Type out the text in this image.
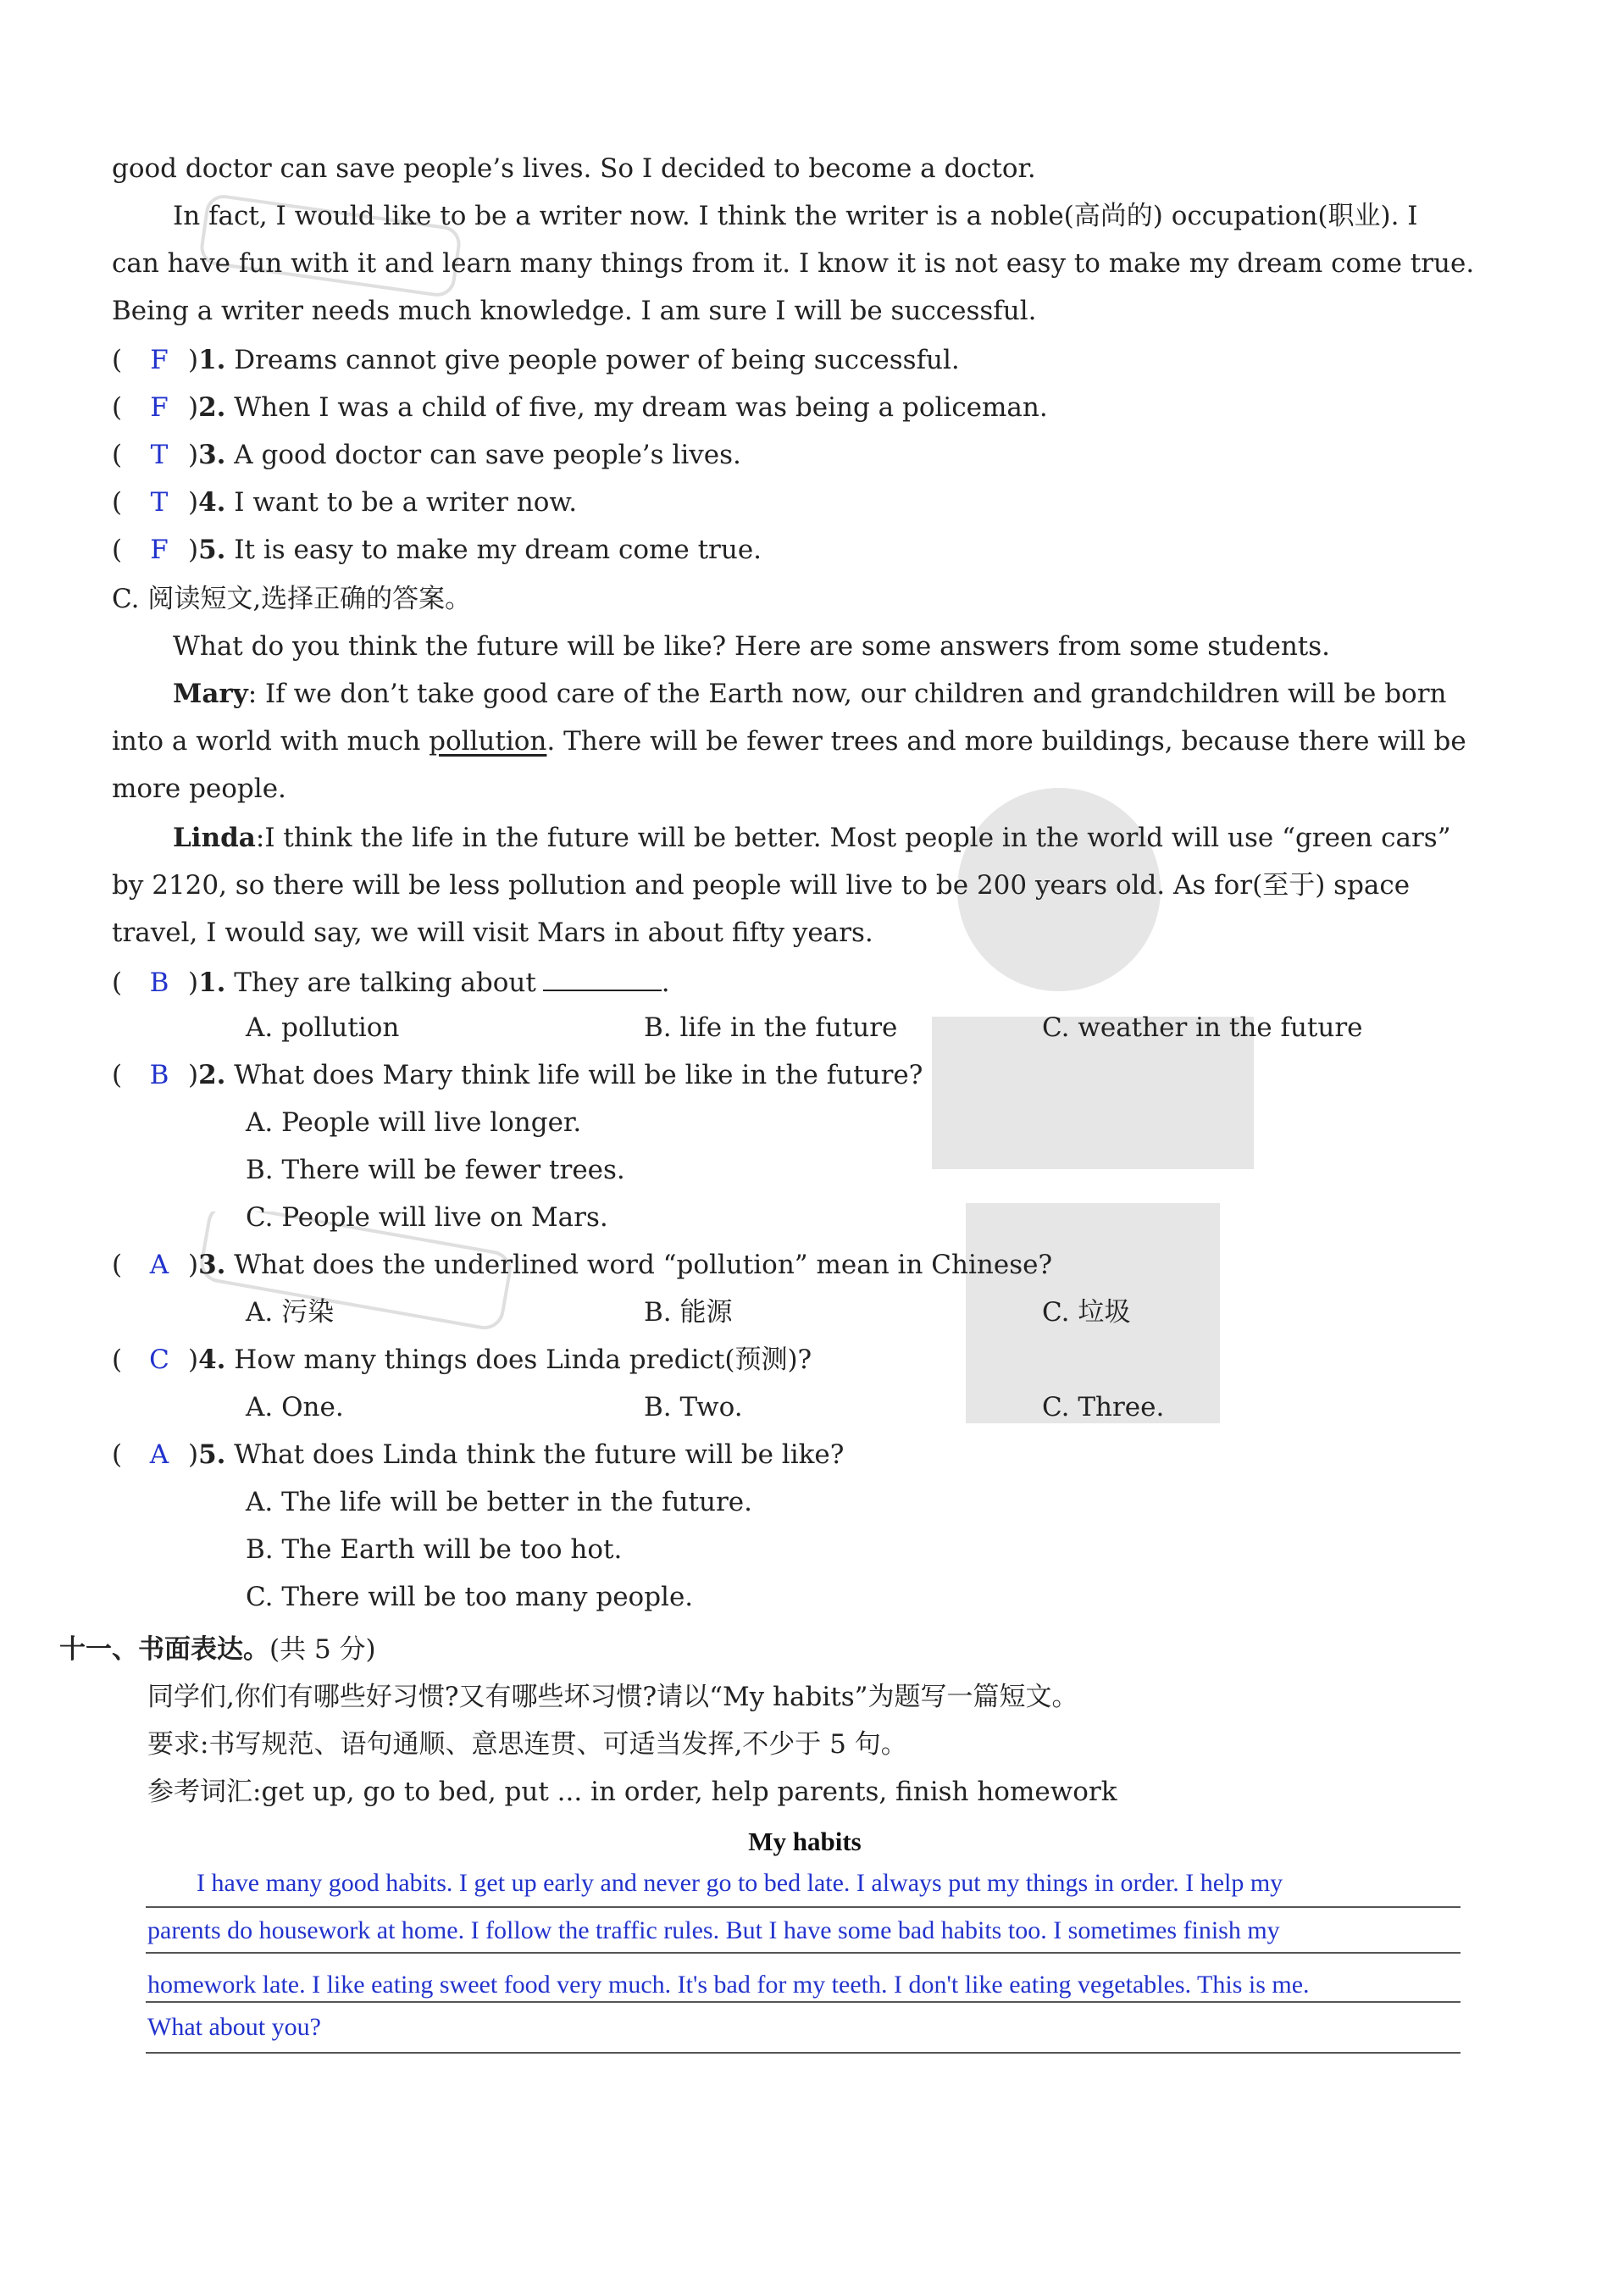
good doctor can save people’s lives. So I decided to become a doctor.
In fact, I would like to be a writer now. I think the writer is a noble(高尚的) occupation(职业). I
can have fun with it and learn many things from it. I know it is not easy to make my dream come true.
Being a writer needs much knowledge. I am sure I will be successful.
( F )1. Dreams cannot give people power of being successful.
( F )2. When I was a child of five, my dream was being a policeman.
( T )3. A good doctor can save people’s lives.
( T )4. I want to be a writer now.
( F )5. It is easy to make my dream come true.
C. 阅读短文,选择正确的答案。
What do you think the future will be like? Here are some answers from some students.
Mary: If we don’t take good care of the Earth now, our children and grandchildren will be born
into a world with much pollution. There will be fewer trees and more buildings, because there will be
more people.
Linda:I think the life in the future will be better. Most people in the world will use “green cars”
by 2120, so there will be less pollution and people will live to be 200 years old. As for(至于) space
travel, I would say, we will visit Mars in about fifty years.
( B )1. They are talking about	.
A. pollution	B. life in the future	C. weather in the future
( B )2. What does Mary think life will be like in the future?
A. People will live longer.
B. There will be fewer trees.
C. People will live on Mars.
( A )3. What does the underlined word “pollution” mean in Chinese?
A. 污染	B. 能源	C. 垃圾
( C )4. How many things does Linda predict(预测)?
A. One.	B. Two.	C. Three.
( A )5. What does Linda think the future will be like?
A. The life will be better in the future.
B. The Earth will be too hot.
C. There will be too many people.
十一、书面表达。(共 5 分)
同学们,你们有哪些好习惯?又有哪些坏习惯?请以“My habits”为题写一篇短文。
要求:书写规范、语句通顺、意思连贯、可适当发挥,不少于 5 句。
参考词汇:get up, go to bed, put ... in order, help parents, finish homework
My habits
I have many good habits. I get up early and never go to bed late. I always put my things in order. I help my
parents do housework at home. I follow the traffic rules. But I have some bad habits too. I sometimes finish my
homework late. I like eating sweet food very much. It's bad for my teeth. I don't like eating vegetables. This is me.
What about you?
